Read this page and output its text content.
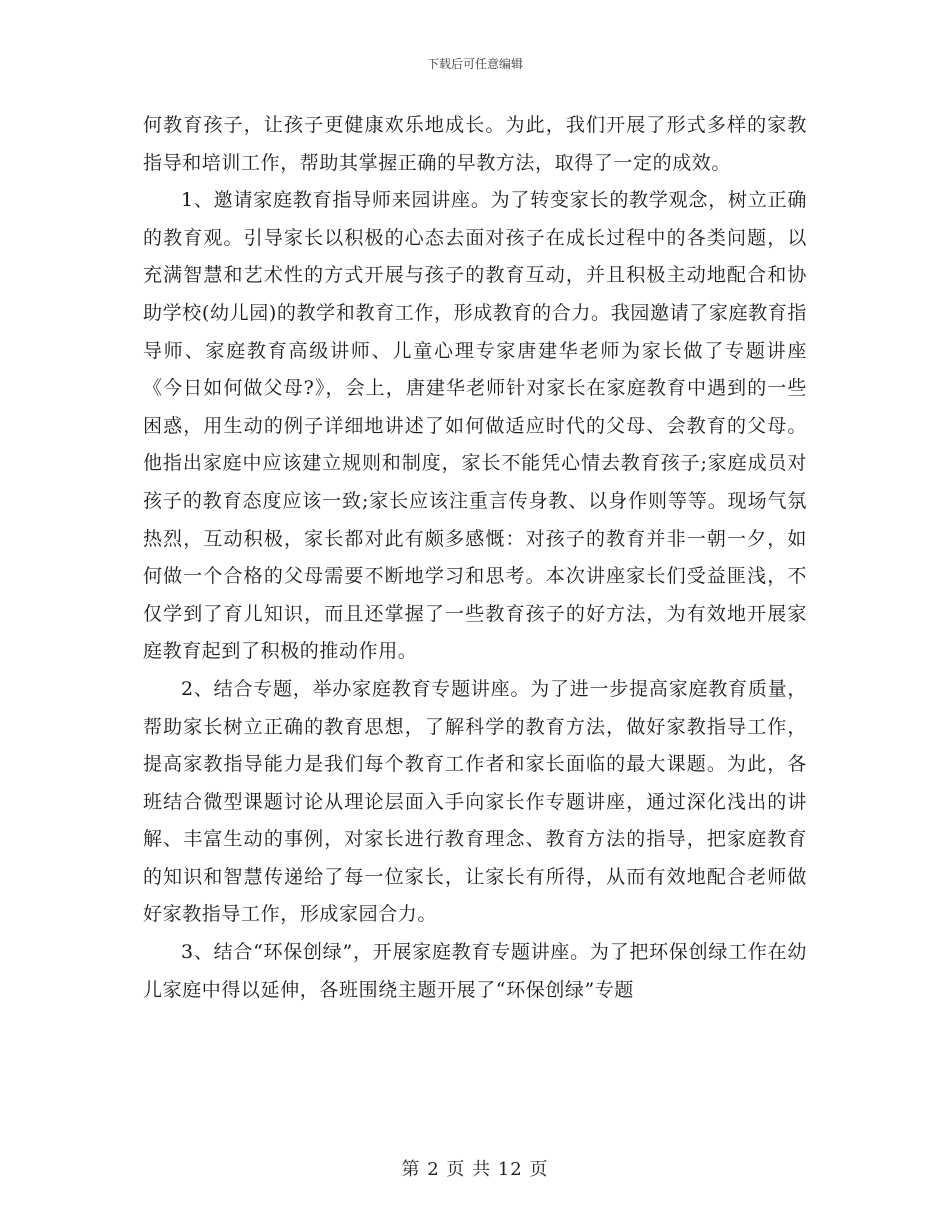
下载后可任意编辑

何教育孩子，让孩子更健康欢乐地成长。为此，我们开展了形式多样的家教指导和培训工作，帮助其掌握正确的早教方法，取得了一定的成效。

1、邀请家庭教育指导师来园讲座。为了转变家长的教学观念，树立正确的教育观。引导家长以积极的心态去面对孩子在成长过程中的各类问题，以充满智慧和艺术性的方式开展与孩子的教育互动，并且积极主动地配合和协助学校(幼儿园)的教学和教育工作，形成教育的合力。我园邀请了家庭教育指导师、家庭教育高级讲师、儿童心理专家唐建华老师为家长做了专题讲座《今日如何做父母?》，会上，唐建华老师针对家长在家庭教育中遇到的一些困惑，用生动的例子详细地讲述了如何做适应时代的父母、会教育的父母。他指出家庭中应该建立规则和制度，家长不能凭心情去教育孩子;家庭成员对孩子的教育态度应该一致;家长应该注重言传身教、以身作则等等。现场气氛热烈，互动积极，家长都对此有颇多感慨：对孩子的教育并非一朝一夕，如何做一个合格的父母需要不断地学习和思考。本次讲座家长们受益匪浅，不仅学到了育儿知识，而且还掌握了一些教育孩子的好方法，为有效地开展家庭教育起到了积极的推动作用。

2、结合专题，举办家庭教育专题讲座。为了进一步提高家庭教育质量，帮助家长树立正确的教育思想，了解科学的教育方法，做好家教指导工作，提高家教指导能力是我们每个教育工作者和家长面临的最大课题。为此，各班结合微型课题讨论从理论层面入手向家长作专题讲座，通过深化浅出的讲解、丰富生动的事例，对家长进行教育理念、教育方法的指导，把家庭教育的知识和智慧传递给了每一位家长，让家长有所得，从而有效地配合老师做好家教指导工作，形成家园合力。

3、结合“环保创绿”，开展家庭教育专题讲座。为了把环保创绿工作在幼儿家庭中得以延伸，各班围绕主题开展了“环保创绿”专题

第 2 页 共 12 页
